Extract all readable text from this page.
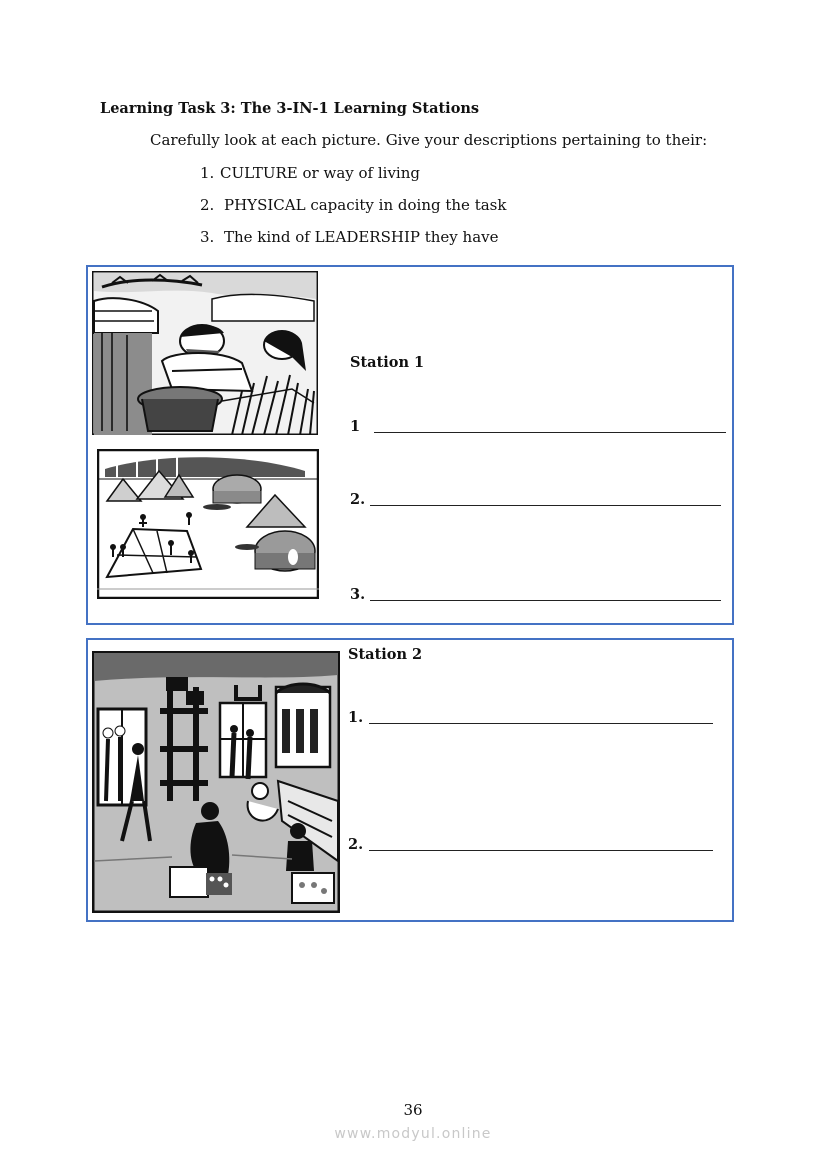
Learning Task 3: The 3-IN-1 Learning Stations
Carefully look at each picture. Give your descriptions pertaining to their:
1. CULTURE or way of living
2. PHYSICAL capacity in doing the task
3. The kind of LEADERSHIP they have
Station 1
1
2.
3.
Station 2
1.
2.
36
www.modyul.online
